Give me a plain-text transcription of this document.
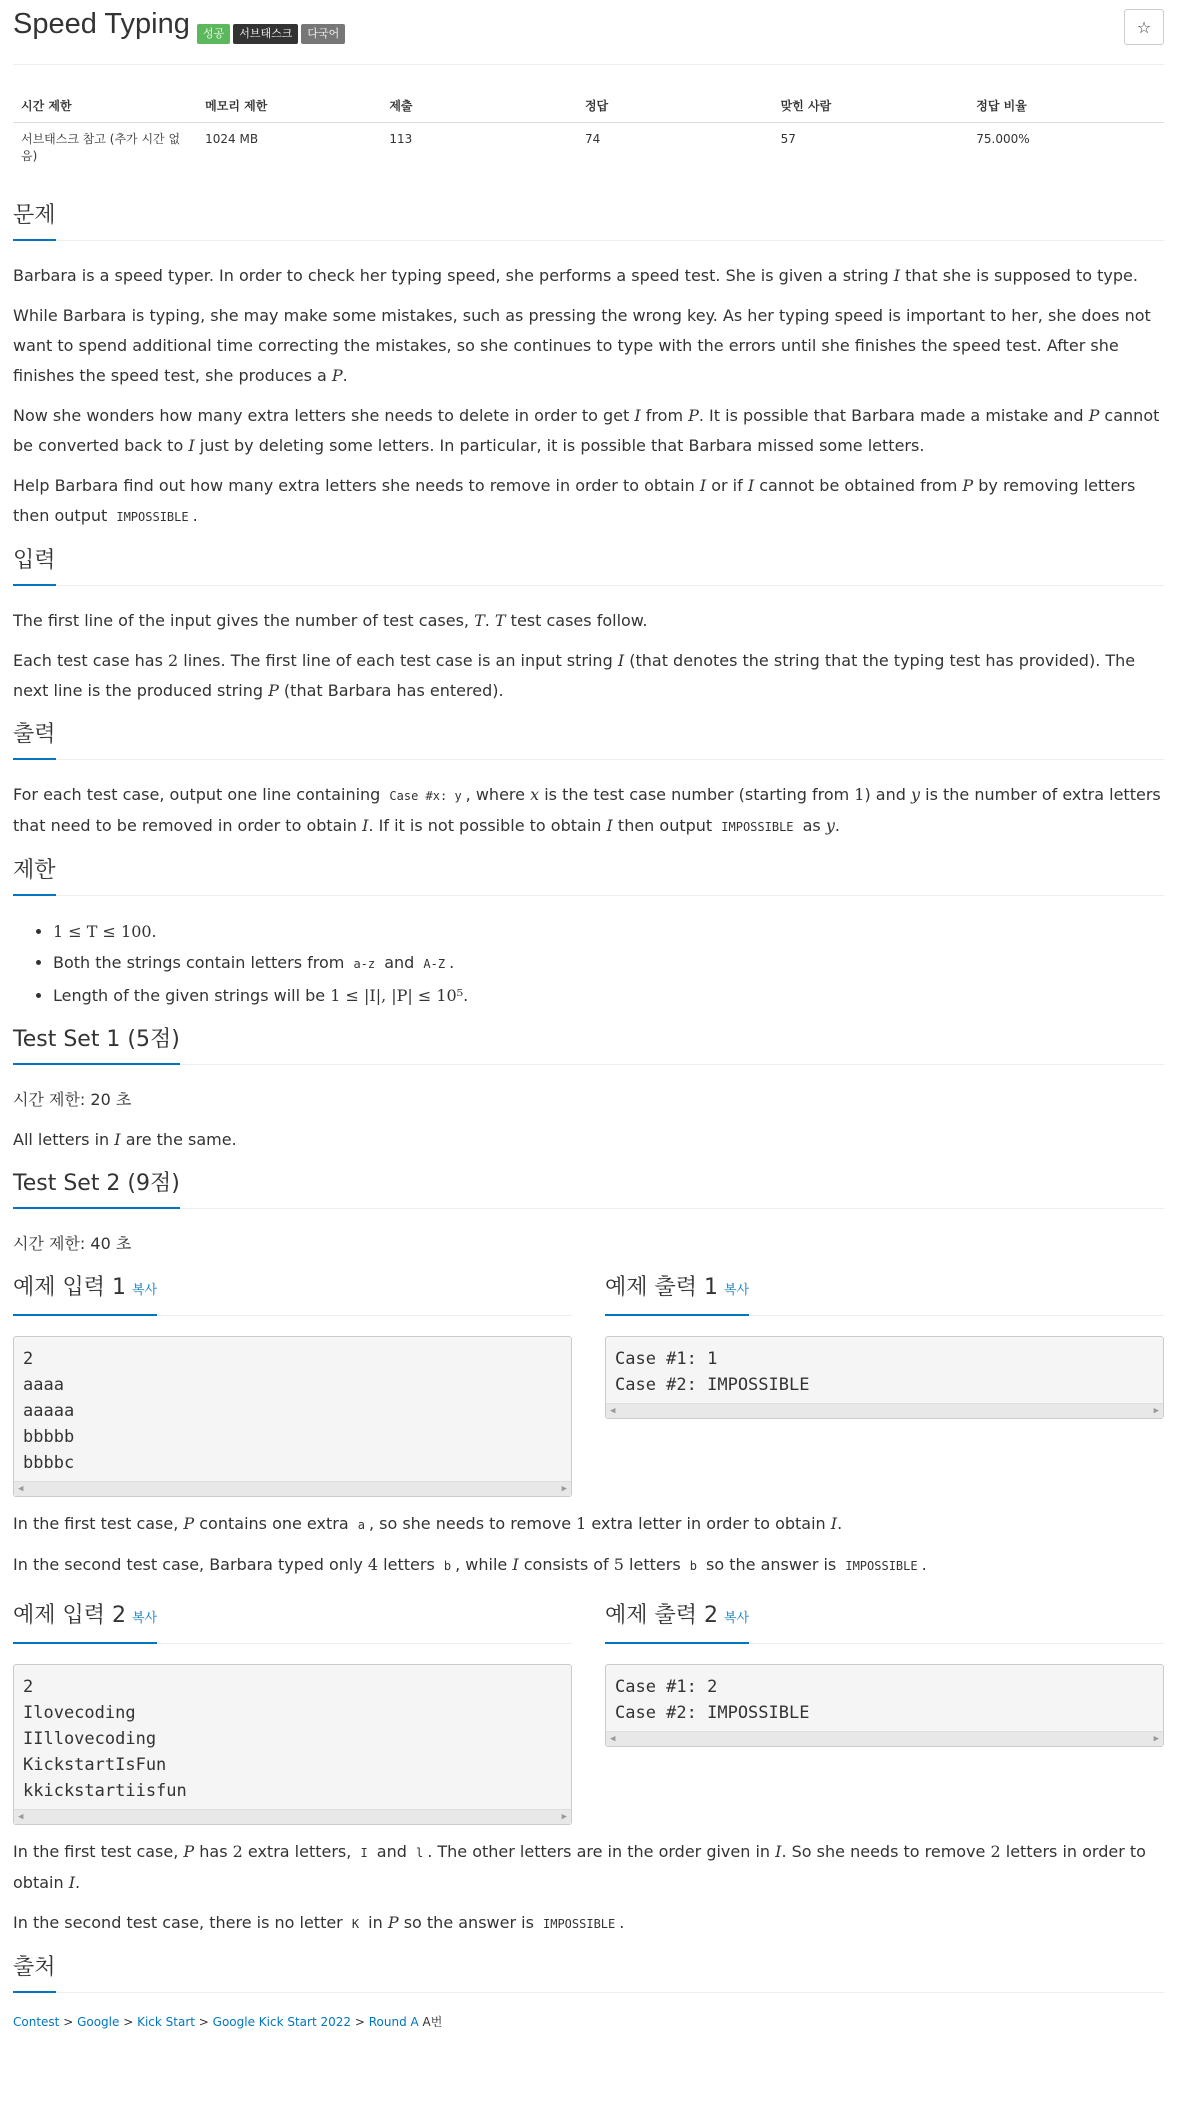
Speed Typing	성공	서브태스크	다국어	☆
시간 제한	메모리 제한	제출	정답	맞힌 사람	정답 비율
서브태스크 참고 (추가 시간 없음)	1024 MB	113	74	57	75.000%
문제

Barbara is a speed typer. In order to check her typing speed, she performs a speed test. She is given a string I that she is supposed to type.

While Barbara is typing, she may make some mistakes, such as pressing the wrong key. As her typing speed is important to her, she does not want to spend additional time correcting the mistakes, so she continues to type with the errors until she finishes the speed test. After she finishes the speed test, she produces a P.

Now she wonders how many extra letters she needs to delete in order to get I from P. It is possible that Barbara made a mistake and P cannot be converted back to I just by deleting some letters. In particular, it is possible that Barbara missed some letters.

Help Barbara find out how many extra letters she needs to remove in order to obtain I or if I cannot be obtained from P by removing letters then output IMPOSSIBLE .

입력

The first line of the input gives the number of test cases, T. T test cases follow.

Each test case has 2 lines. The first line of each test case is an input string I (that denotes the string that the typing test has provided). The next line is the produced string P (that Barbara has entered).

출력

For each test case, output one line containing Case #x: y , where x is the test case number (starting from 1) and y is the number of extra letters that need to be removed in order to obtain I. If it is not possible to obtain I then output IMPOSSIBLE as y.

제한
• 1 ≤ T ≤ 100.
• Both the strings contain letters from a-z and A-Z .
• Length of the given strings will be 1 ≤ |I|, |P| ≤ 10⁵.
Test Set 1 (5점)

시간 제한: 20 초

All letters in I are the same.

Test Set 2 (9점)

시간 제한: 40 초

예제 입력 1 복사
2
aaaa
aaaaa
bbbbb
bbbbc
◀	▶
예제 출력 1 복사
Case #1: 1
Case #2: IMPOSSIBLE
◀	▶

In the first test case, P contains one extra a , so she needs to remove 1 extra letter in order to obtain I.

In the second test case, Barbara typed only 4 letters b , while I consists of 5 letters b so the answer is IMPOSSIBLE .

예제 입력 2 복사
2
Ilovecoding
IIllovecoding
KickstartIsFun
kkickstartiisfun
◀	▶
예제 출력 2 복사
Case #1: 2
Case #2: IMPOSSIBLE
◀	▶

In the first test case, P has 2 extra letters, I and l . The other letters are in the order given in I. So she needs to remove 2 letters in order to obtain I.

In the second test case, there is no letter K in P so the answer is IMPOSSIBLE .

출처
Contest > Google > Kick Start > Google Kick Start 2022 > Round A A번
